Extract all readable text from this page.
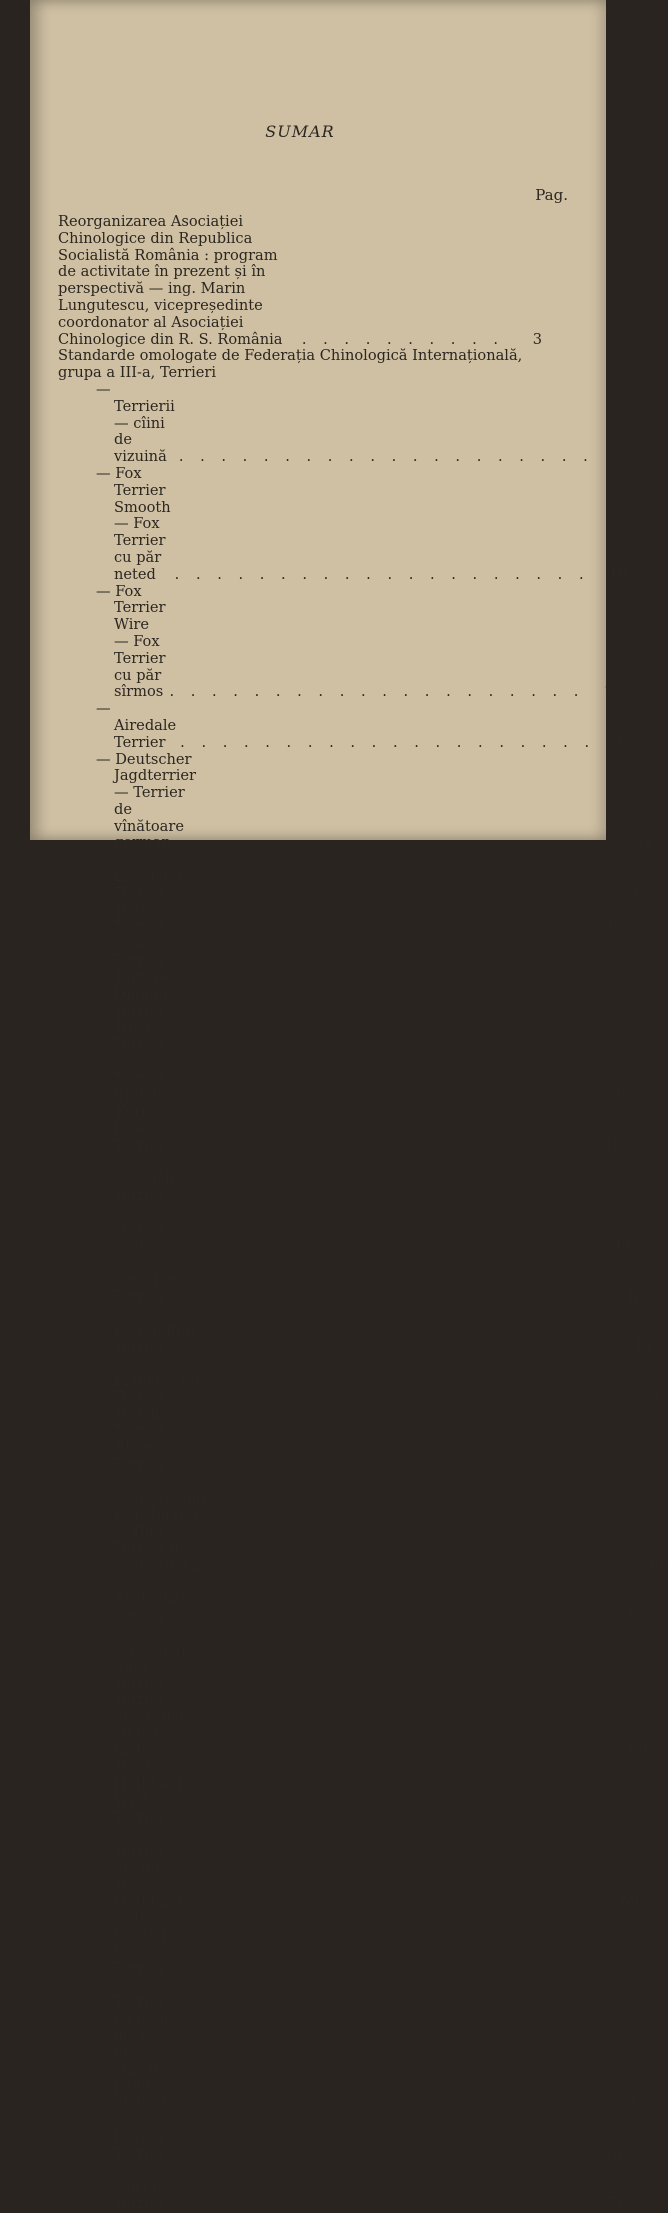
SUMAR
Pag.
Reorganizarea Asociației Chinologice din Republica Socialistă România : program de activitate în prezent și în perspectivă — ing. Marin Lungutescu, vicepreședinte coordonator al Asociației Chinologice din R. S. România	. . . . . . . . . .	3

Standarde omologate de Federația Chinologică Internațională, grupa a III-a, Terrieri

— Terrierii — cîini de vizuină . . . . . . . . . . . . . . . . . . . .	8
— Fox Terrier Smooth — Fox Terrier cu păr neted	. . . . . . . . . . . . . . . . . . . .	10
— Fox Terrier Wire — Fox Terrier cu păr sîrmos . . . . . . . . . . . . . . . . . . . .	13
— Airedale Terrier	. . . . . . . . . . . . . . . . . . . .	18
— Deutscher Jagdterrier — Terrier de vînătoare german	. . . . . . . . . . . . . . . . . . . .	22
— Lakeland Terrier	. . . . . . . . . . . . . . . . . . . .	24
— Bull Terrier . . . . . . . . . . . . . . . . . . . .	26
— Cairn Terrier . . . . . . . . . . . . . . . . . . . .	29
— Dandie Dinmont Terrier	. . . . . . . . . . . . . . . . . . . .	32
— Irish Terrier — Terrier irlandez . . . . . . . . . . . . . . . . . . . .	36
— Kerry Blue Terrier . . . . . . . . . . . . . . . . . . . .	40
— Scottish Terrier — Terrier scoțian . . . . . . . . . . . . . . . . . . . .	43
— Sealyham Terrier	. . . . . . . . . . . . . . . . . . . .	46
— Bedlington Terrier	. . . . . . . . . . . . . . . . . . . .	49
— Manchester Terrier	. . . . . . . . . . . . . . . . . . . .	52
— Welsh Terrier . . . . . . . . . . . . . . . . . . . .	55
— Skye Terrier . . . . . . . . . . . . . . . . . . . .	57
— Staffordshire Bull Terrier — Bull Terrier de Staffordshire . . . . . . . . . . . . . . . . . . . .	60
— Australian Terrier	. . . . . . . . . . . . . . . . . . . .	63
— Australian Silky Terrier — Terrier australian cu păr mătăsos	. . . . . . . . . . . . . . . . . . . .	66
— West Highland White Terrier — Terrier alb de West Highland . . . . . . . . . . . . . . . . . . . .	69
— Soft-Coated Wheaten Terrier — Terrier cu blana moale, de culoarea paiului de grîu	. . . . . . . . . . . . . . . . . . . .	72
— Border Terrier . . . . . . . . . . . . . . . . . . . .	76
— Norfolk Terrier . . . . . . . . . . . . . . . . . . . .	78
